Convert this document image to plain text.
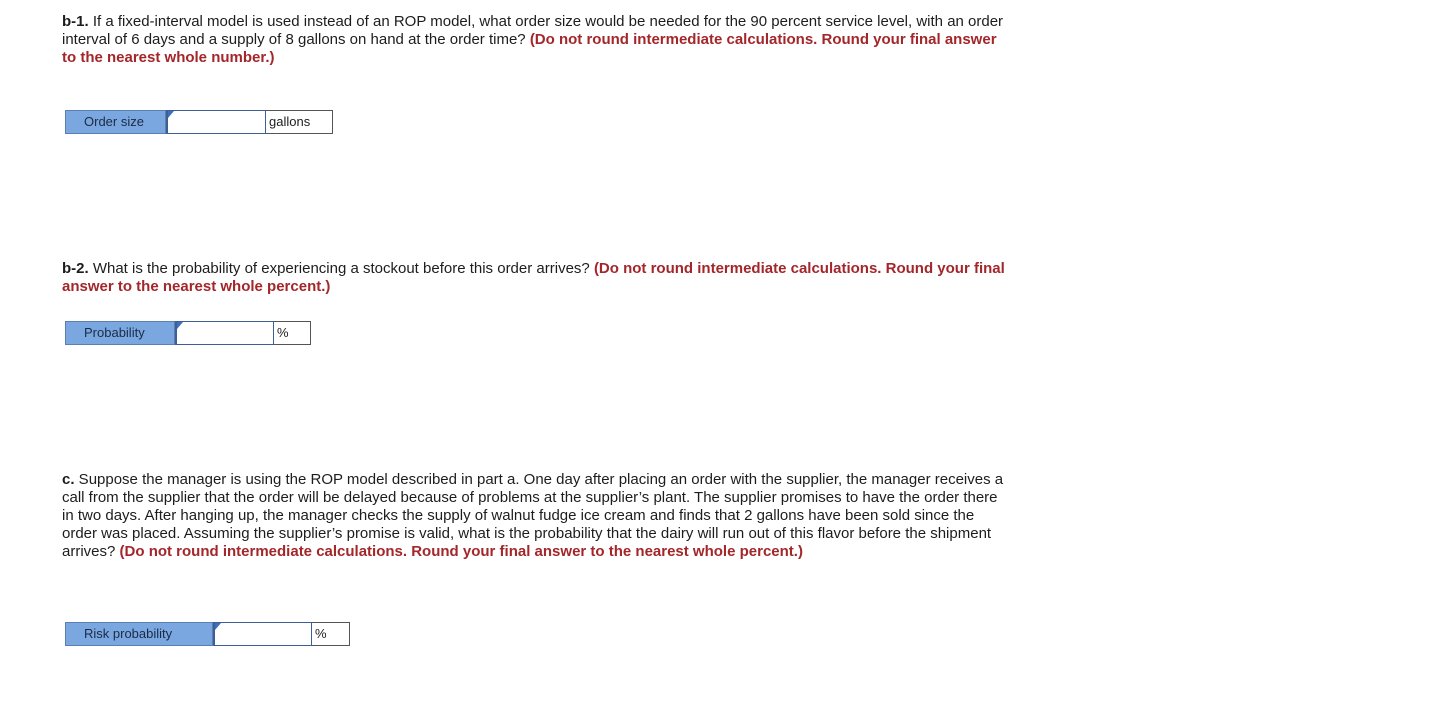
b-1. If a fixed-interval model is used instead of an ROP model, what order size would be needed for the 90 percent service level, with an order interval of 6 days and a supply of 8 gallons on hand at the order time? (Do not round intermediate calculations. Round your final answer to the nearest whole number.)
Order size	gallons
b-2. What is the probability of experiencing a stockout before this order arrives? (Do not round intermediate calculations. Round your final answer to the nearest whole percent.)
Probability	%
c. Suppose the manager is using the ROP model described in part a. One day after placing an order with the supplier, the manager receives a call from the supplier that the order will be delayed because of problems at the supplier’s plant. The supplier promises to have the order there in two days. After hanging up, the manager checks the supply of walnut fudge ice cream and finds that 2 gallons have been sold since the order was placed. Assuming the supplier’s promise is valid, what is the probability that the dairy will run out of this flavor before the shipment arrives? (Do not round intermediate calculations. Round your final answer to the nearest whole percent.)
Risk probability	%
